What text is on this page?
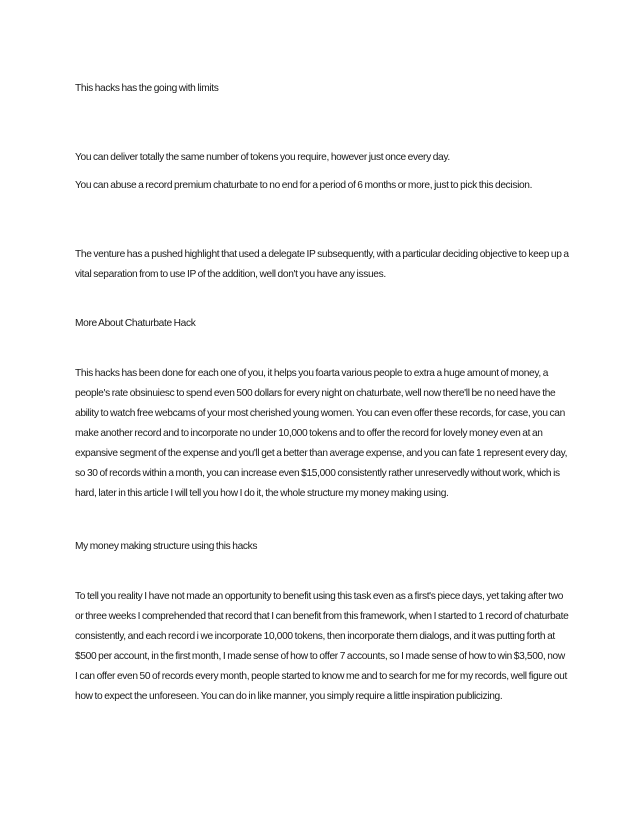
This hacks has the going with limits

You can deliver totally the same number of tokens you require, however just once every day.

You can abuse a record premium chaturbate to no end for a period of 6 months or more, just to pick this decision.

The venture has a pushed highlight that used a delegate IP subsequently, with a particular deciding objective to keep up a vital separation from to use IP of the addition, well don't you have any issues.

More About Chaturbate Hack

This hacks has been done for each one of you, it helps you foarta various people to extra a huge amount of money, a people's rate obsinuiesc to spend even 500 dollars for every night on chaturbate, well now there'll be no need have the ability to watch free webcams of your most cherished young women. You can even offer these records, for case, you can make another record and to incorporate no under 10,000 tokens and to offer the record for lovely money even at an expansive segment of the expense and you'll get a better than average expense, and you can fate 1 represent every day, so 30 of records within a month, you can increase even $15,000 consistently rather unreservedly without work, which is hard, later in this article I will tell you how I do it, the whole structure my money making using.

My money making structure using this hacks

To tell you reality I have not made an opportunity to benefit using this task even as a first's piece days, yet taking after two or three weeks I comprehended that record that I can benefit from this framework, when I started to 1 record of chaturbate consistently, and each record i we incorporate 10,000 tokens, then incorporate them dialogs, and it was putting forth at $500 per account, in the first month, I made sense of how to offer 7 accounts, so I made sense of how to win $3,500, now I can offer even 50 of records every month, people started to know me and to search for me for my records, well figure out how to expect the unforeseen. You can do in like manner, you simply require a little inspiration publicizing.
